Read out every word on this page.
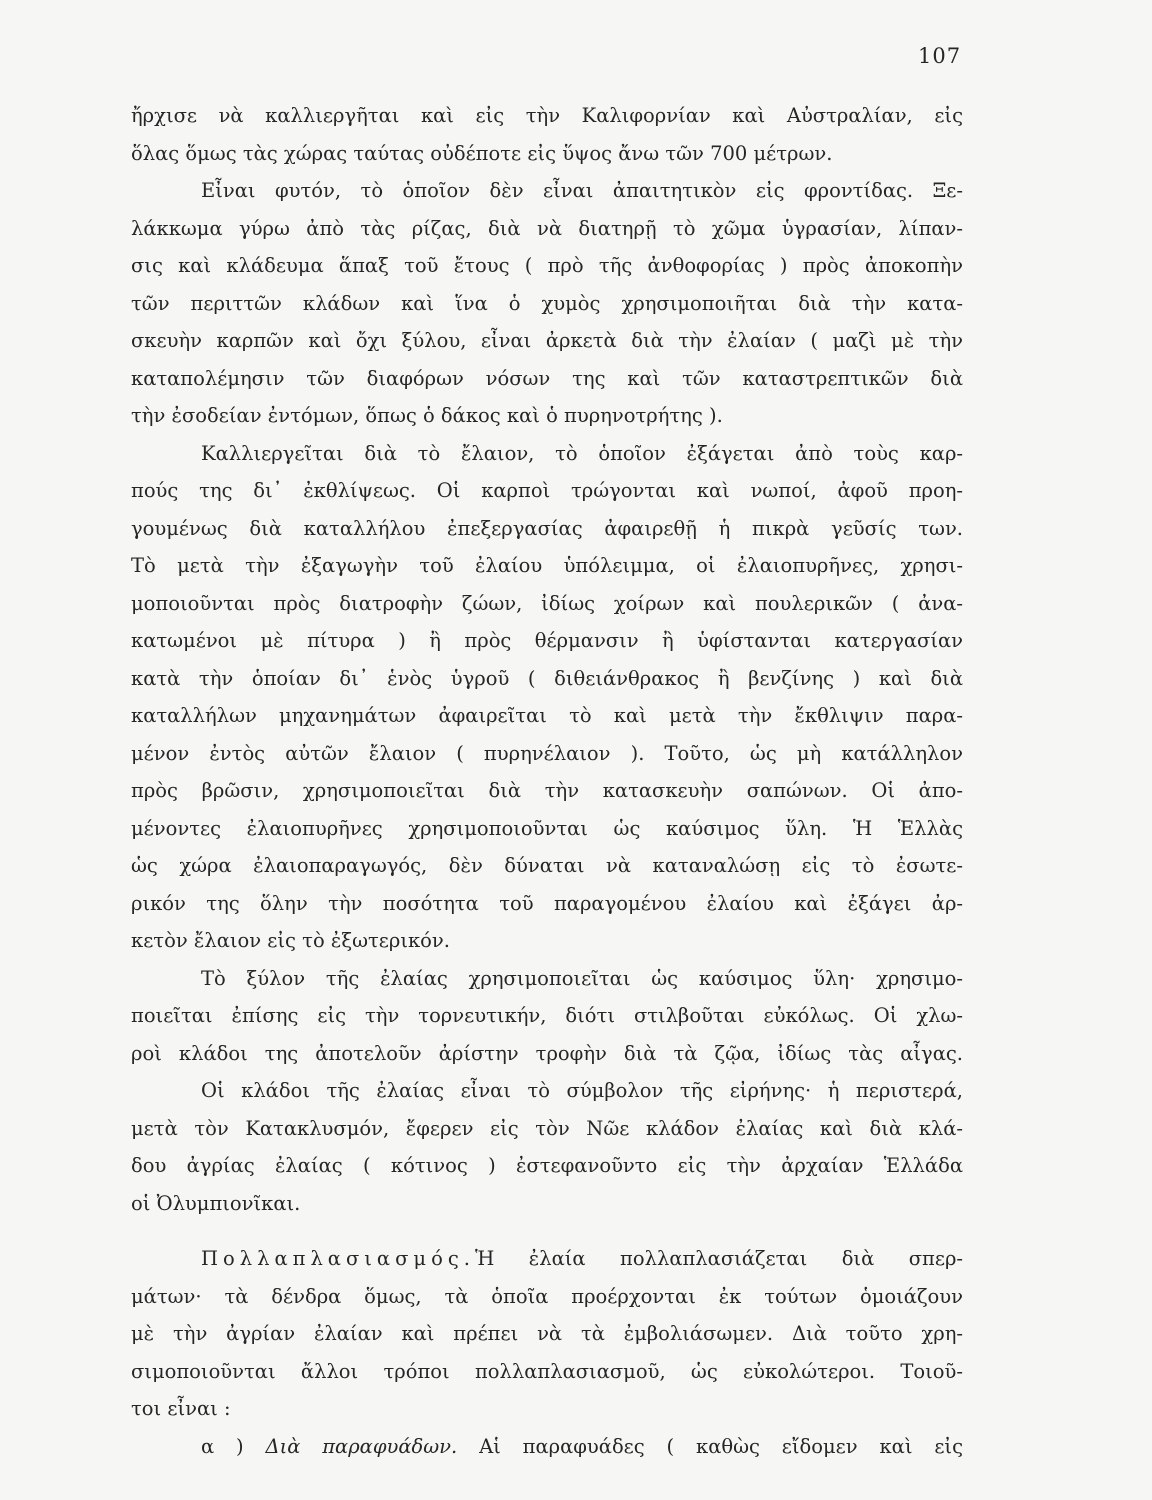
107
ἤρχισε νὰ καλλιεργῆται καὶ εἰς τὴν Καλιφορνίαν καὶ Αὐστραλίαν, εἰς
ὅλας ὅμως τὰς χώρας ταύτας οὐδέποτε εἰς ὕψος ἄνω τῶν 700 μέτρων.
Εἶναι φυτόν, τὸ ὁποῖον δὲν εἶναι ἀπαιτητικὸν εἰς φροντίδας. Ξε-
λάκκωμα γύρω ἀπὸ τὰς ρίζας, διὰ νὰ διατηρῇ τὸ χῶμα ὑγρασίαν, λίπαν-
σις καὶ κλάδευμα ἅπαξ τοῦ ἔτους ( πρὸ τῆς ἀνθοφορίας ) πρὸς ἀποκοπὴν
τῶν περιττῶν κλάδων καὶ ἵνα ὁ χυμὸς χρησιμοποιῆται διὰ τὴν κατα-
σκευὴν καρπῶν καὶ ὄχι ξύλου, εἶναι ἀρκετὰ διὰ τὴν ἐλαίαν ( μαζὶ μὲ τὴν
καταπολέμησιν τῶν διαφόρων νόσων της καὶ τῶν καταστρεπτικῶν διὰ
τὴν ἐσοδείαν ἐντόμων, ὅπως ὁ δάκος καὶ ὁ πυρηνοτρήτης ).
Καλλιεργεῖται διὰ τὸ ἔλαιον, τὸ ὁποῖον ἐξάγεται ἀπὸ τοὺς καρ-
πούς της δι᾽ ἐκθλίψεως. Οἱ καρποὶ τρώγονται καὶ νωποί, ἀφοῦ προη-
γουμένως διὰ καταλλήλου ἐπεξεργασίας ἀφαιρεθῇ ἡ πικρὰ γεῦσίς των.
Τὸ μετὰ τὴν ἐξαγωγὴν τοῦ ἐλαίου ὑπόλειμμα, οἱ ἐλαιοπυρῆνες, χρησι-
μοποιοῦνται πρὸς διατροφὴν ζώων, ἰδίως χοίρων καὶ πουλερικῶν ( ἀνα-
κατωμένοι μὲ πίτυρα ) ἢ πρὸς θέρμανσιν ἢ ὑφίστανται κατεργασίαν
κατὰ τὴν ὁποίαν δι᾽ ἑνὸς ὑγροῦ ( διθειάνθρακος ἢ βενζίνης ) καὶ διὰ
καταλλήλων μηχανημάτων ἀφαιρεῖται τὸ καὶ μετὰ τὴν ἔκθλιψιν παρα-
μένον ἐντὸς αὐτῶν ἔλαιον ( πυρηνέλαιον ). Τοῦτο, ὡς μὴ κατάλληλον
πρὸς βρῶσιν, χρησιμοποιεῖται διὰ τὴν κατασκευὴν σαπώνων. Οἱ ἀπο-
μένοντες ἐλαιοπυρῆνες χρησιμοποιοῦνται ὡς καύσιμος ὕλη. Ἡ Ἑλλὰς
ὡς χώρα ἐλαιοπαραγωγός, δὲν δύναται νὰ καταναλώσῃ εἰς τὸ ἐσωτε-
ρικόν της ὅλην τὴν ποσότητα τοῦ παραγομένου ἐλαίου καὶ ἐξάγει ἀρ-
κετὸν ἔλαιον εἰς τὸ ἐξωτερικόν.
Τὸ ξύλον τῆς ἐλαίας χρησιμοποιεῖται ὡς καύσιμος ὕλη· χρησιμο-
ποιεῖται ἐπίσης εἰς τὴν τορνευτικήν, διότι στιλβοῦται εὐκόλως. Οἱ χλω-
ροὶ κλάδοι της ἀποτελοῦν ἀρίστην τροφὴν διὰ τὰ ζῷα, ἰδίως τὰς αἶγας.
Οἱ κλάδοι τῆς ἐλαίας εἶναι τὸ σύμβολον τῆς εἰρήνης· ἡ περιστερά,
μετὰ τὸν Κατακλυσμόν, ἔφερεν εἰς τὸν Νῶε κλάδον ἐλαίας καὶ διὰ κλά-
δου ἀγρίας ἐλαίας ( κότινος ) ἐστεφανοῦντο εἰς τὴν ἀρχαίαν Ἑλλάδα
οἱ Ὀλυμπιονῖκαι.
Πολλαπλασιασμός.Ἡ ἐλαία πολλαπλασιάζεται διὰ σπερ-
μάτων· τὰ δένδρα ὅμως, τὰ ὁποῖα προέρχονται ἐκ τούτων ὁμοιάζουν
μὲ τὴν ἀγρίαν ἐλαίαν καὶ πρέπει νὰ τὰ ἐμβολιάσωμεν. Διὰ τοῦτο χρη-
σιμοποιοῦνται ἄλλοι τρόποι πολλαπλασιασμοῦ, ὡς εὐκολώτεροι. Τοιοῦ-
τοι εἶναι :
α ) Διὰ παραφυάδων. Αἱ παραφυάδες ( καθὼς εἴδομεν καὶ εἰς
